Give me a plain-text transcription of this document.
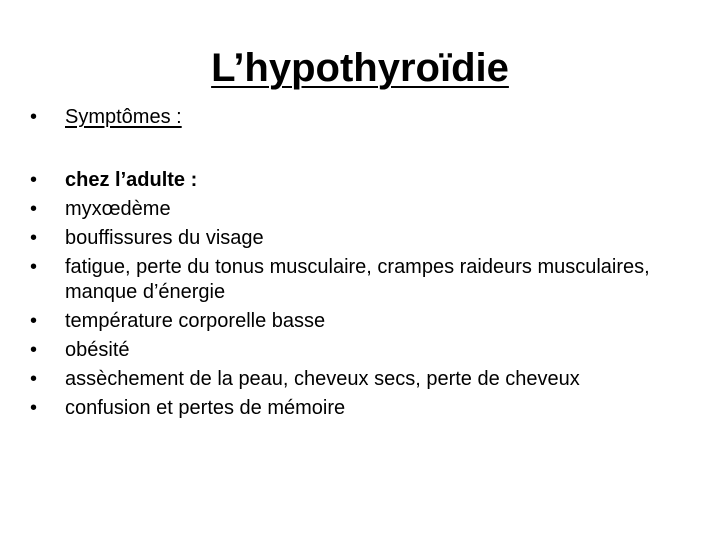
L’hypothyroïdie
•	Symptômes :
•	chez l’adulte :
•	myxœdème
•	bouffissures du visage
•	fatigue, perte du tonus musculaire, crampes raideurs musculaires, manque d’énergie
•	température corporelle basse
•	obésité
•	assèchement de la peau, cheveux secs, perte de cheveux
•	confusion et pertes de mémoire
